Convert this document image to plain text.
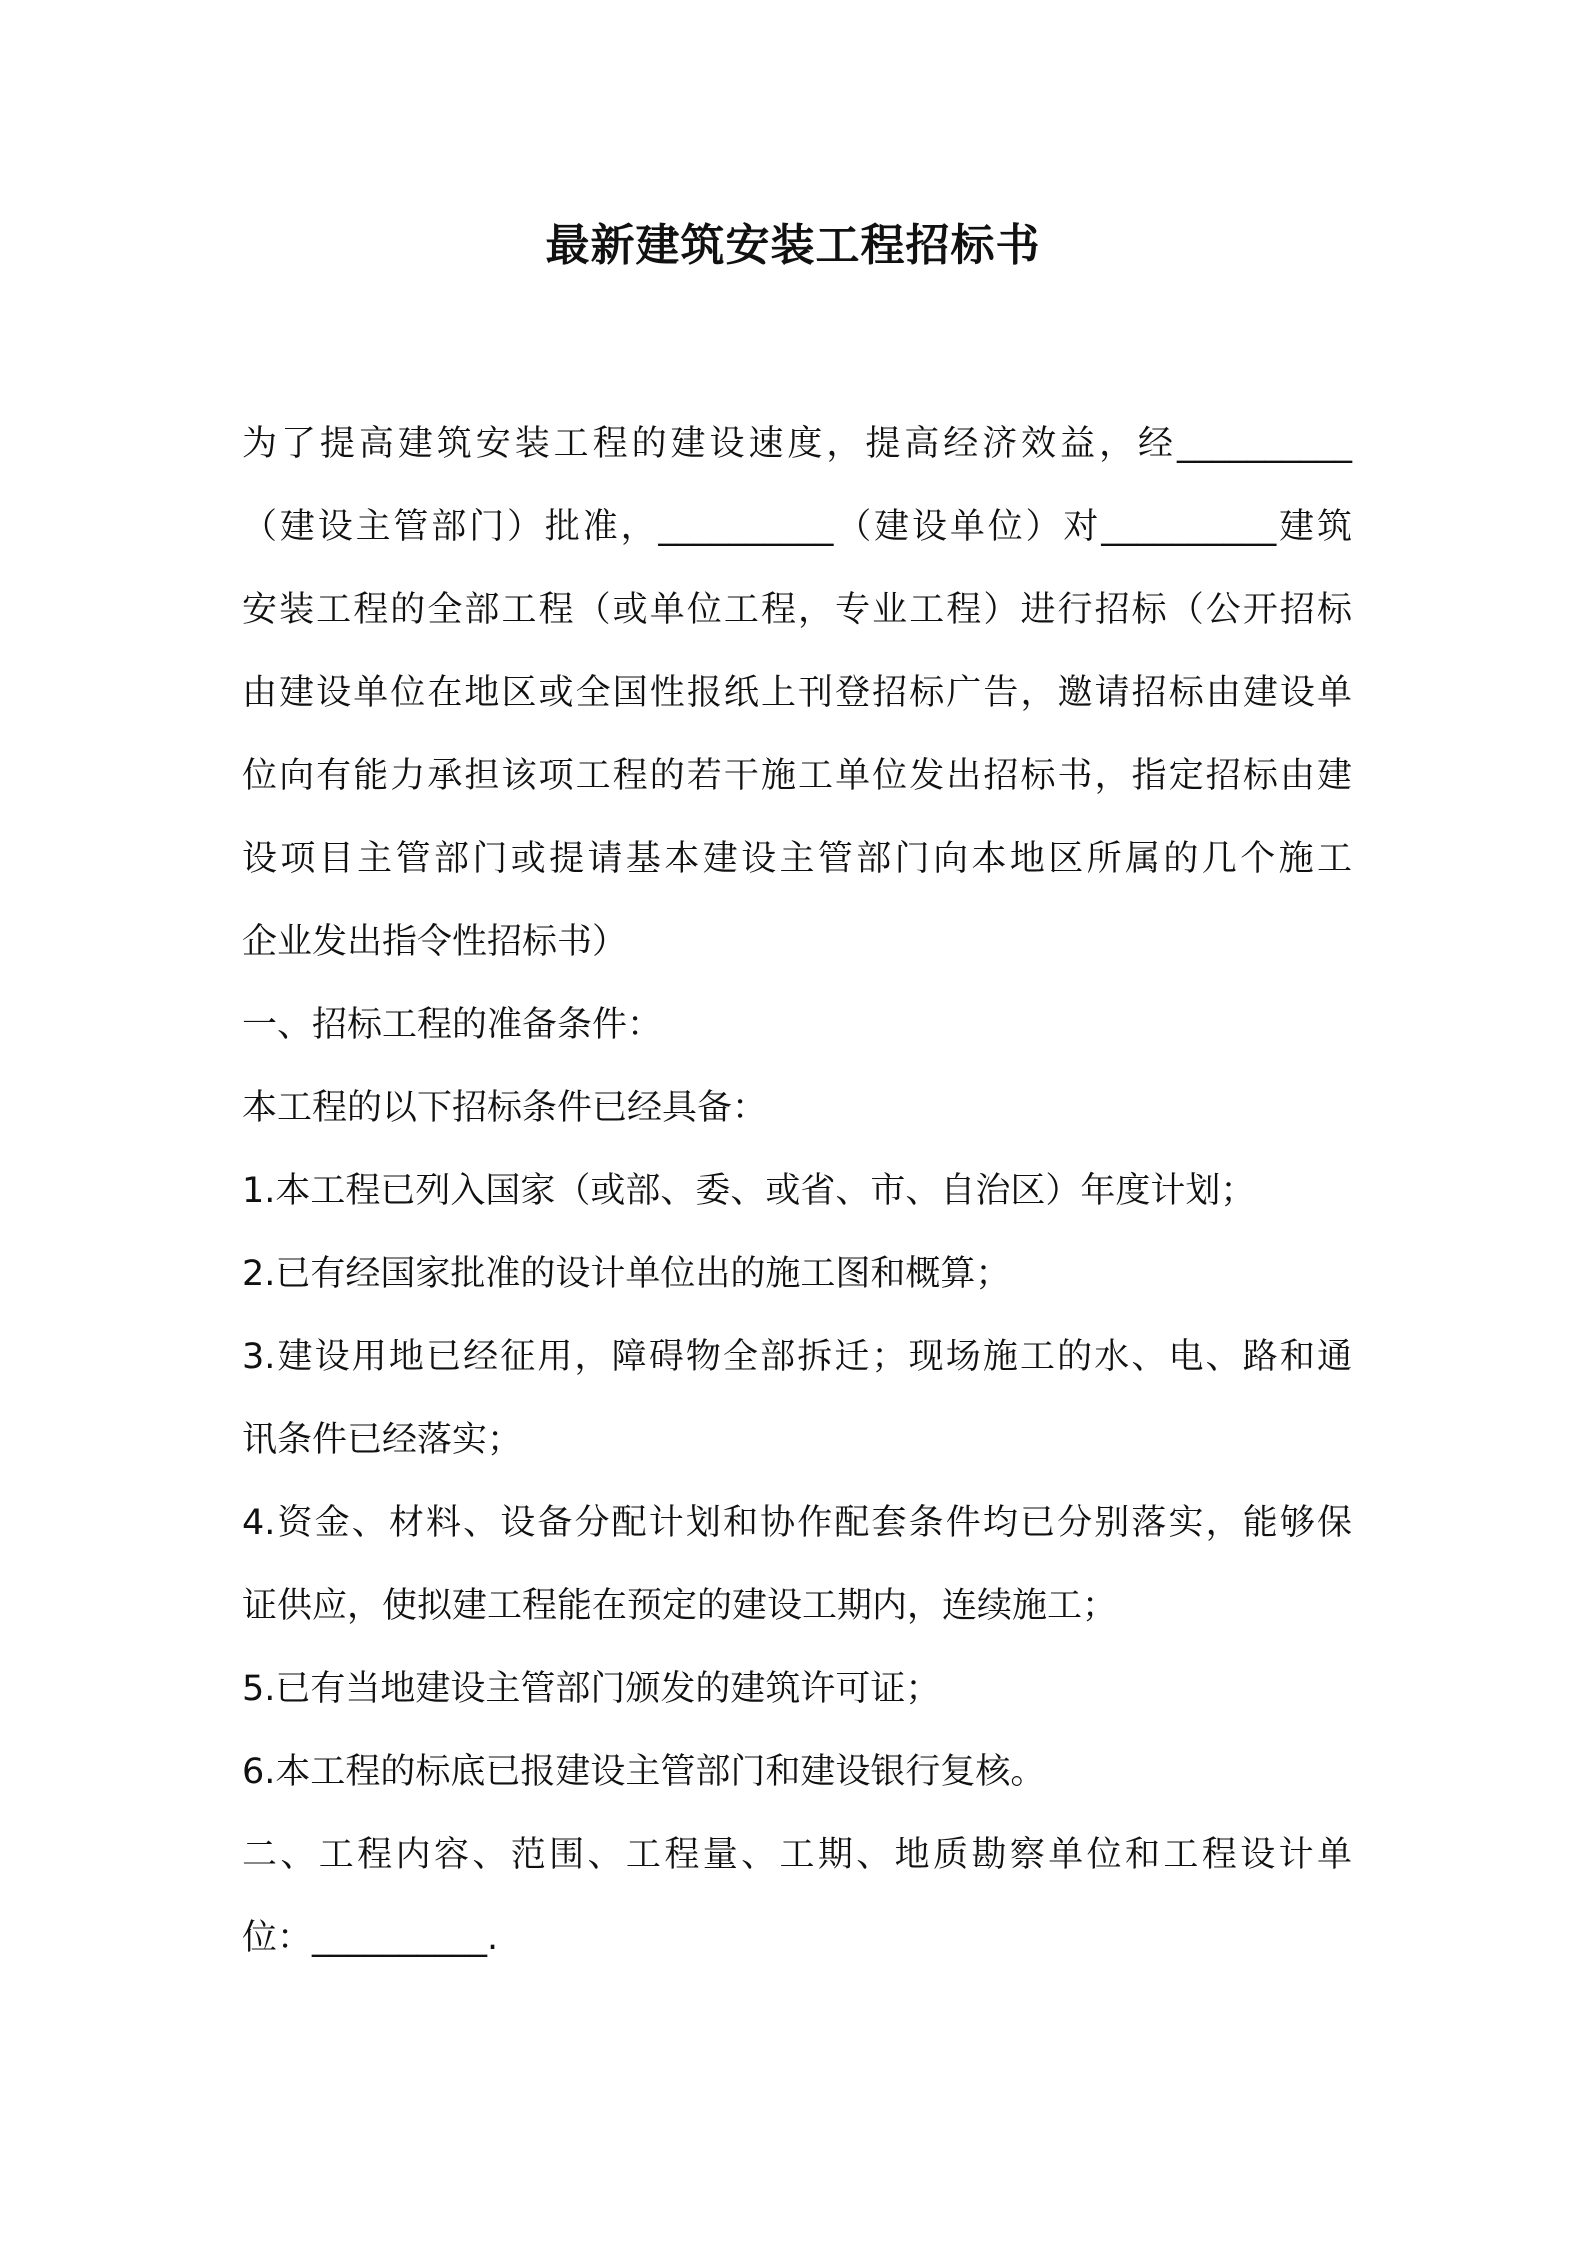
最新建筑安装工程招标书
为了提高建筑安装工程的建设速度，提高经济效益，经__________
（建设主管部门）批准，__________（建设单位）对__________建筑
安装工程的全部工程（或单位工程，专业工程）进行招标（公开招标
由建设单位在地区或全国性报纸上刊登招标广告，邀请招标由建设单
位向有能力承担该项工程的若干施工单位发出招标书，指定招标由建
设项目主管部门或提请基本建设主管部门向本地区所属的几个施工
企业发出指令性招标书）
一、招标工程的准备条件：
本工程的以下招标条件已经具备：
1.本工程已列入国家（或部、委、或省、市、自治区）年度计划；
2.已有经国家批准的设计单位出的施工图和概算；
3.建设用地已经征用，障碍物全部拆迁；现场施工的水、电、路和通
讯条件已经落实；
4.资金、材料、设备分配计划和协作配套条件均已分别落实，能够保
证供应，使拟建工程能在预定的建设工期内，连续施工；
5.已有当地建设主管部门颁发的建筑许可证；
6.本工程的标底已报建设主管部门和建设银行复核。
二、工程内容、范围、工程量、工期、地质勘察单位和工程设计单
位：__________.
